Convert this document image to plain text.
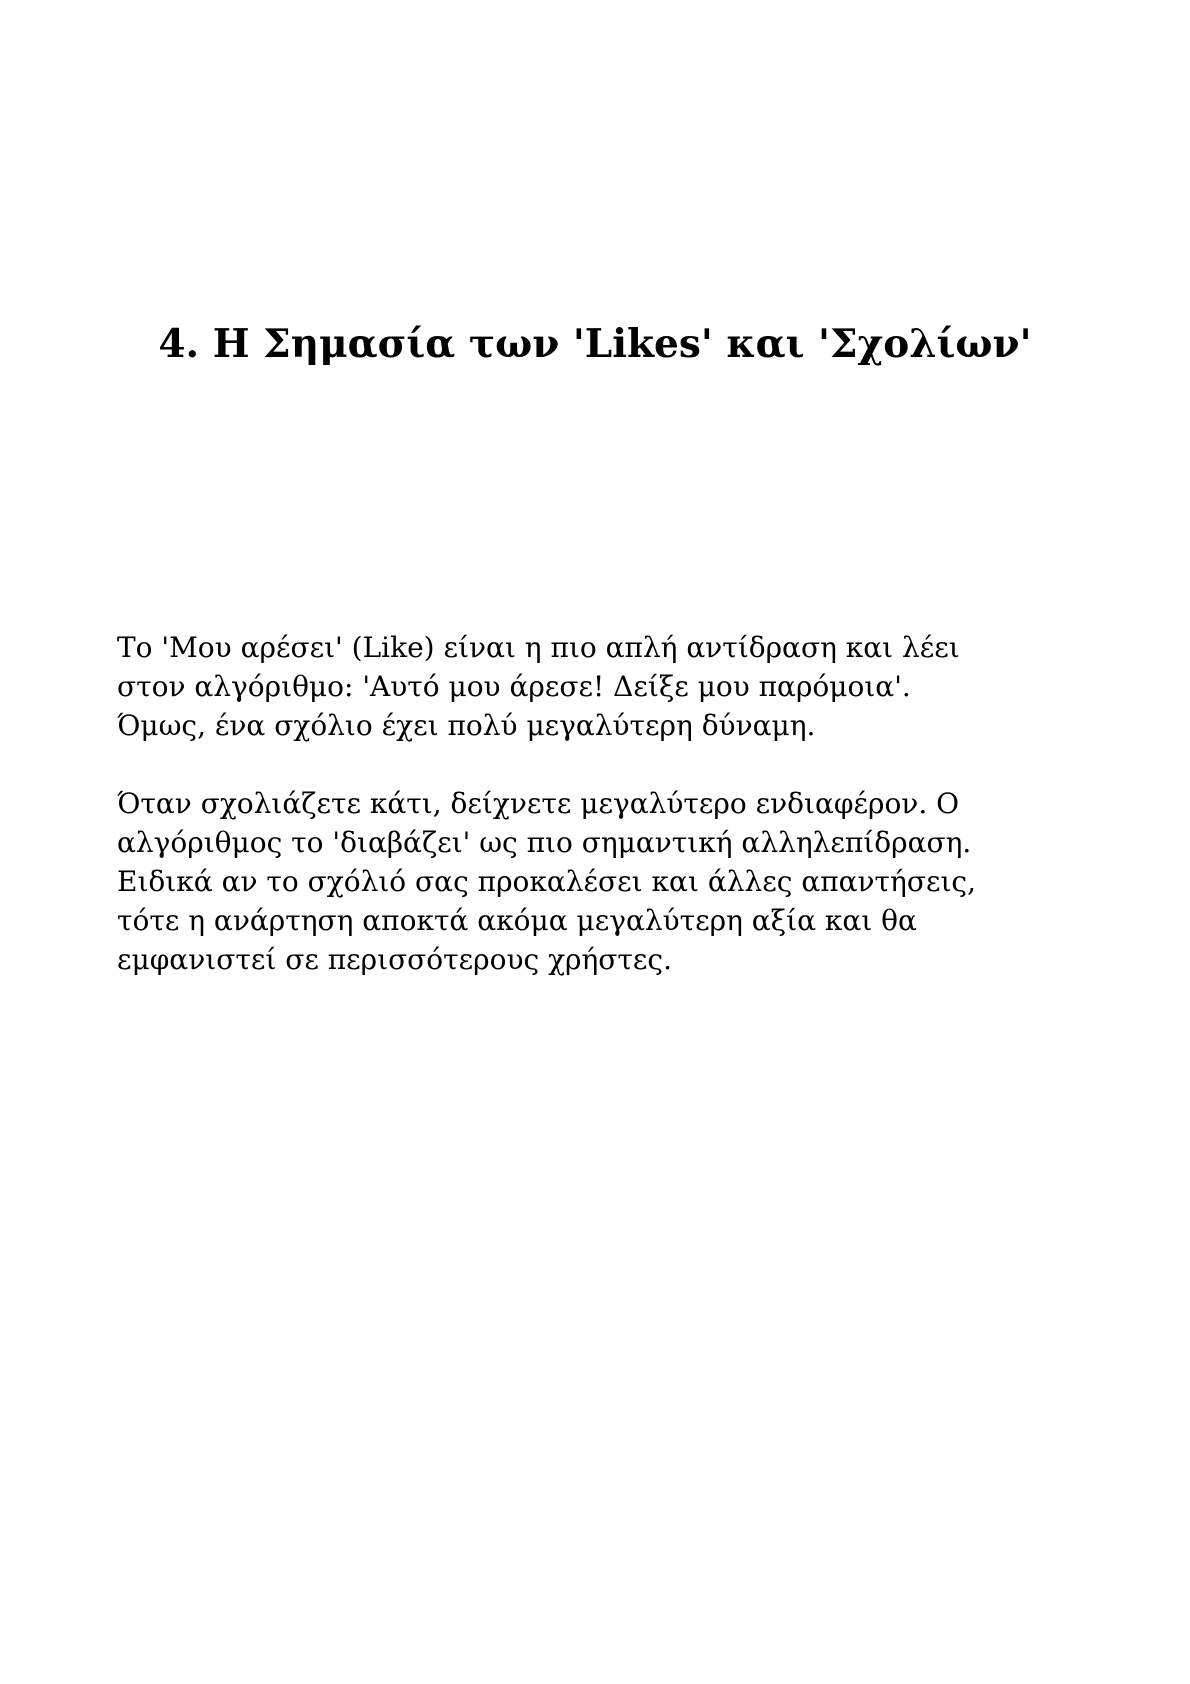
4. Η Σημασία των 'Likes' και 'Σχολίων'

Το 'Μου αρέσει' (Like) είναι η πιο απλή αντίδραση και λέει
στον αλγόριθμο: 'Αυτό μου άρεσε! Δείξε μου παρόμοια'.
Όμως, ένα σχόλιο έχει πολύ μεγαλύτερη δύναμη.

Όταν σχολιάζετε κάτι, δείχνετε μεγαλύτερο ενδιαφέρον. Ο
αλγόριθμος το 'διαβάζει' ως πιο σημαντική αλληλεπίδραση.
Ειδικά αν το σχόλιό σας προκαλέσει και άλλες απαντήσεις,
τότε η ανάρτηση αποκτά ακόμα μεγαλύτερη αξία και θα
εμφανιστεί σε περισσότερους χρήστες.
